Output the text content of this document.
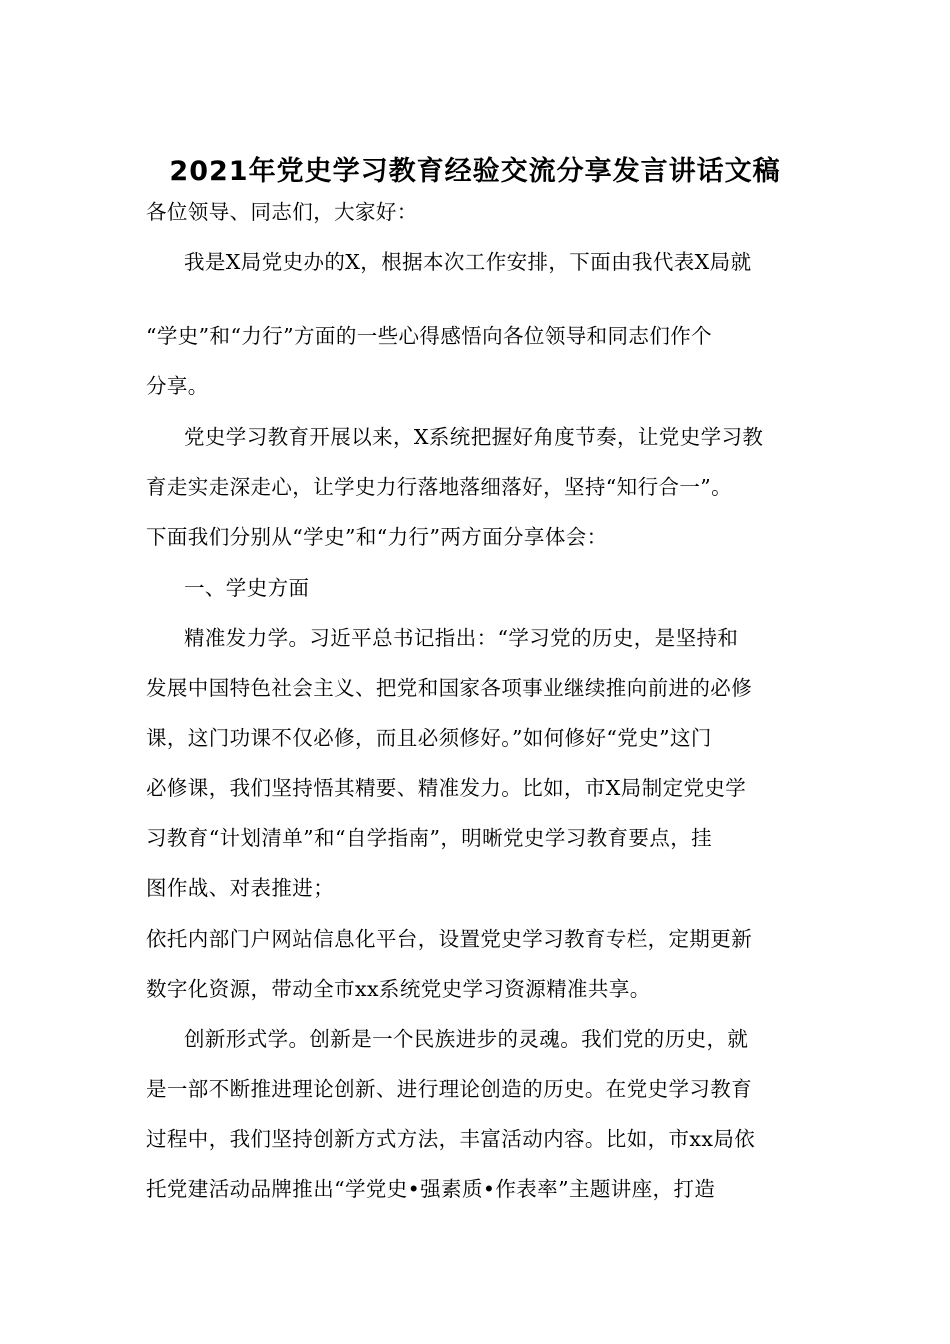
2021年党史学习教育经验交流分享发言讲话文稿
各位领导、同志们，大家好：
我是X局党史办的X，根据本次工作安排，下面由我代表X局就
“学史”和“力行”方面的一些心得感悟向各位领导和同志们作个
分享。
党史学习教育开展以来，X系统把握好角度节奏，让党史学习教
育走实走深走心，让学史力行落地落细落好，坚持“知行合一”。
下面我们分别从“学史”和“力行”两方面分享体会：
一、学史方面
精准发力学。习近平总书记指出：“学习党的历史，是坚持和
发展中国特色社会主义、把党和国家各项事业继续推向前进的必修
课，这门功课不仅必修，而且必须修好。”如何修好“党史”这门
必修课，我们坚持悟其精要、精准发力。比如，市X局制定党史学
习教育“计划清单”和“自学指南”，明晰党史学习教育要点，挂
图作战、对表推进；
依托内部门户网站信息化平台，设置党史学习教育专栏，定期更新
数字化资源，带动全市xx系统党史学习资源精准共享。
创新形式学。创新是一个民族进步的灵魂。我们党的历史，就
是一部不断推进理论创新、进行理论创造的历史。在党史学习教育
过程中，我们坚持创新方式方法，丰富活动内容。比如，市xx局依
托党建活动品牌推出“学党史•强素质•作表率”主题讲座，打造
